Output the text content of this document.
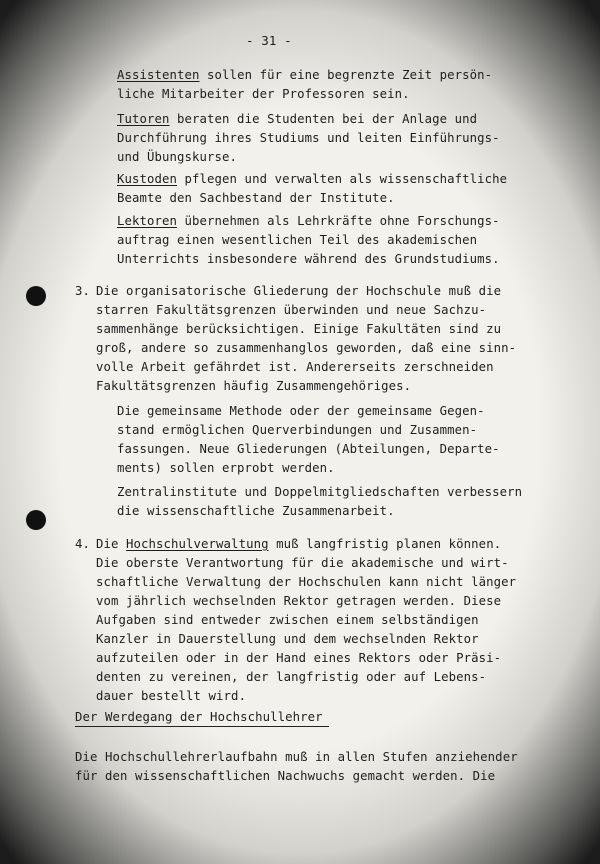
- 31 -
Assistenten sollen für eine begrenzte Zeit persön-
liche Mitarbeiter der Professoren sein.
Tutoren beraten die Studenten bei der Anlage und
Durchführung ihres Studiums und leiten Einführungs-
und Übungskurse.
Kustoden pflegen und verwalten als wissenschaftliche
Beamte den Sachbestand der Institute.
Lektoren übernehmen als Lehrkräfte ohne Forschungs-
auftrag einen wesentlichen Teil des akademischen
Unterrichts insbesondere während des Grundstudiums.
3. Die organisatorische Gliederung der Hochschule muß die
starren Fakultätsgrenzen überwinden und neue Sachzu-
sammenhänge berücksichtigen. Einige Fakultäten sind zu
groß, andere so zusammenhanglos geworden, daß eine sinn-
volle Arbeit gefährdet ist. Andererseits zerschneiden
Fakultätsgrenzen häufig Zusammengehöriges.
Die gemeinsame Methode oder der gemeinsame Gegen-
stand ermöglichen Querverbindungen und Zusammen-
fassungen. Neue Gliederungen (Abteilungen, Departe-
ments) sollen erprobt werden.
Zentralinstitute und Doppelmitgliedschaften verbessern
die wissenschaftliche Zusammenarbeit.
4. Die Hochschulverwaltung muß langfristig planen können.
Die oberste Verantwortung für die akademische und wirt-
schaftliche Verwaltung der Hochschulen kann nicht länger
vom jährlich wechselnden Rektor getragen werden. Diese
Aufgaben sind entweder zwischen einem selbständigen
Kanzler in Dauerstellung und dem wechselnden Rektor
aufzuteilen oder in der Hand eines Rektors oder Präsi-
denten zu vereinen, der langfristig oder auf Lebens-
dauer bestellt wird.
Der Werdegang der Hochschullehrer
Die Hochschullehrerlaufbahn muß in allen Stufen anziehender
für den wissenschaftlichen Nachwuchs gemacht werden. Die
